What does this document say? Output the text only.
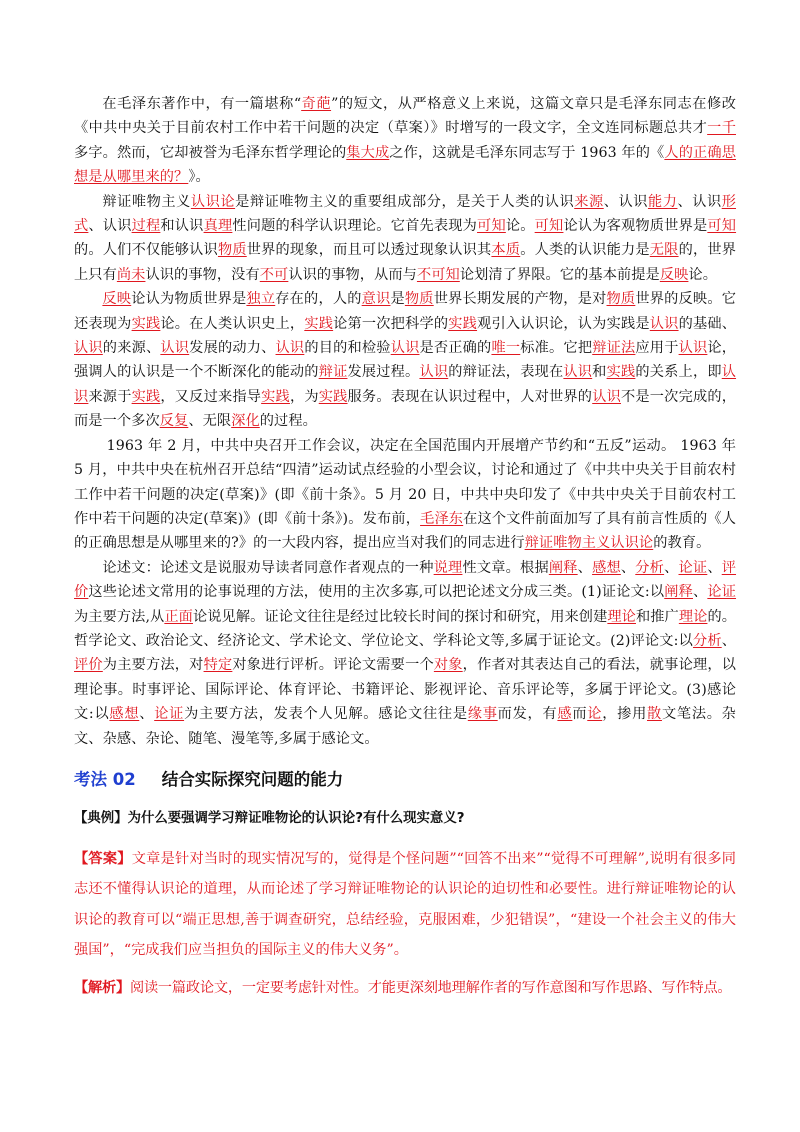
在毛泽东著作中，有一篇堪称“奇葩”的短文，从严格意义上来说，这篇文章只是毛泽东同志在修改《中共中央关于目前农村工作中若干问题的决定（草案）》时增写的一段文字，全文连同标题总共才一千多字。然而，它却被誉为毛泽东哲学理论的集大成之作，这就是毛泽东同志写于 1963 年的《人的正确思想是从哪里来的？》。

辩证唯物主义认识论是辩证唯物主义的重要组成部分，是关于人类的认识来源、认识能力、认识形式、认识过程和认识真理性问题的科学认识理论。它首先表现为可知论。可知论认为客观物质世界是可知的。人们不仅能够认识物质世界的现象，而且可以透过现象认识其本质。人类的认识能力是无限的，世界上只有尚未认识的事物，没有不可认识的事物，从而与不可知论划清了界限。它的基本前提是反映论。

反映论认为物质世界是独立存在的，人的意识是物质世界长期发展的产物，是对物质世界的反映。它还表现为实践论。在人类认识史上，实践论第一次把科学的实践观引入认识论，认为实践是认识的基础、认识的来源、认识发展的动力、认识的目的和检验认识是否正确的唯一标准。它把辩证法应用于认识论，强调人的认识是一个不断深化的能动的辩证发展过程。认识的辩证法，表现在认识和实践的关系上，即认识来源于实践，又反过来指导实践，为实践服务。表现在认识过程中，人对世界的认识不是一次完成的，而是一个多次反复、无限深化的过程。

1963 年 2 月，中共中央召开工作会议，决定在全国范围内开展增产节约和“五反”运动。 1963 年 5 月，中共中央在杭州召开总结“四清”运动试点经验的小型会议，讨论和通过了《中共中央关于目前农村工作中若干问题的决定(草案)》(即《前十条》。5 月 20 日，中共中央印发了《中共中央关于目前农村工作中若干问题的决定(草案)》(即《前十条》)。发布前，毛泽东在这个文件前面加写了具有前言性质的《人的正确思想是从哪里来的?》的一大段内容，提出应当对我们的同志进行辩证唯物主义认识论的教育。

论述文：论述文是说服劝导读者同意作者观点的一种说理性文章。根据阐释、感想、分析、论证、评价这些论述文常用的论事说理的方法，使用的主次多寡,可以把论述文分成三类。(1)证论文:以阐释、论证为主要方法,从正面论说见解。证论文往往是经过比较长时间的探讨和研究，用来创建理论和推广理论的。哲学论文、政治论文、经济论文、学术论文、学位论文、学科论文等,多属于证论文。(2)评论文:以分析、评价为主要方法，对特定对象进行评析。评论文需要一个对象，作者对其表达自己的看法，就事论理，以理论事。时事评论、国际评论、体育评论、书籍评论、影视评论、音乐评论等，多属于评论文。(3)感论文:以感想、论证为主要方法，发表个人见解。感论文往往是缘事而发，有感而论，掺用散文笔法。杂文、杂感、杂论、随笔、漫笔等,多属于感论文。

考法 02 结合实际探究问题的能力
【典例】为什么要强调学习辩证唯物论的认识论?有什么现实意义?
【答案】文章是针对当时的现实情况写的，觉得是个怪问题”“回答不出来”“觉得不可理解”,说明有很多同志还不懂得认识论的道理，从而论述了学习辩证唯物论的认识论的迫切性和必要性。进行辩证唯物论的认识论的教育可以“端正思想,善于调查研究，总结经验，克服困难，少犯错误”，“建设一个社会主义的伟大强国”，“完成我们应当担负的国际主义的伟大义务”。
【解析】阅读一篇政论文，一定要考虑针对性。才能更深刻地理解作者的写作意图和写作思路、写作特点。
